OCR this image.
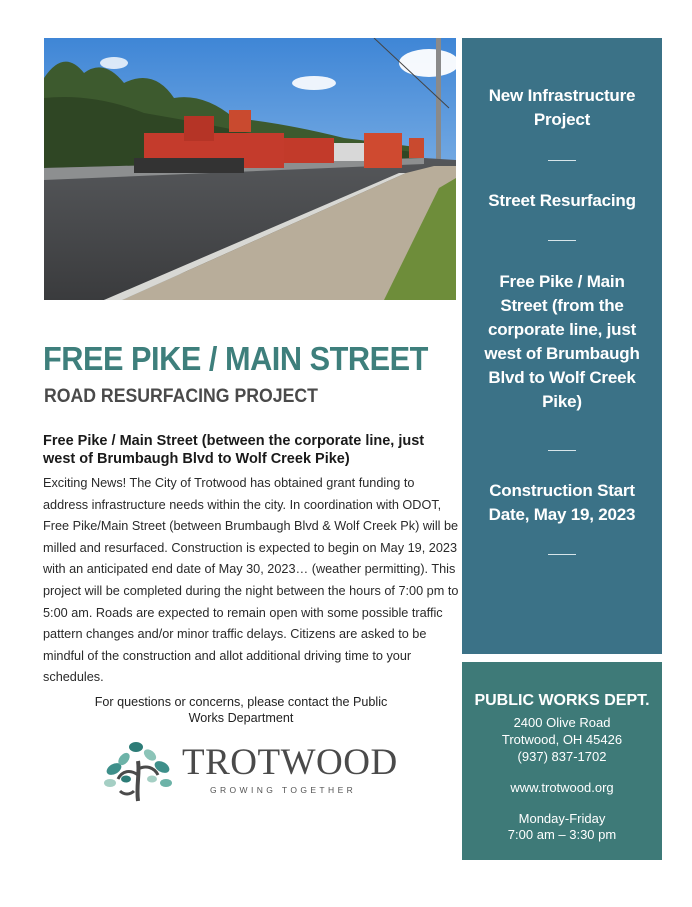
New Infrastructure Project
Street Resurfacing
Free Pike / Main Street (from the corporate line, just west of Brumbaugh Blvd to Wolf Creek Pike)
Construction Start Date, May 19, 2023
PUBLIC WORKS DEPT.
2400 Olive Road
Trotwood, OH 45426
(937) 837-1702
www.trotwood.org
Monday-Friday
7:00 am – 3:30 pm
FREE PIKE / MAIN STREET
ROAD RESURFACING PROJECT
Free Pike / Main Street (between the corporate line, just west of Brumbaugh Blvd to Wolf Creek Pike)
Exciting News! The City of Trotwood has obtained grant funding to address infrastructure needs within the city. In coordination with ODOT, Free Pike/Main Street (between Brumbaugh Blvd & Wolf Creek Pk) will be milled and resurfaced. Construction is expected to begin on May 19, 2023 with an anticipated end date of May 30, 2023… (weather permitting). This project will be completed during the night between the hours of 7:00 pm to 5:00 am. Roads are expected to remain open with some possible traffic pattern changes and/or minor traffic delays. Citizens are asked to be mindful of the construction and allot additional driving time to your schedules.
For questions or concerns, please contact the Public Works Department
TROTWOOD
GROWING TOGETHER
